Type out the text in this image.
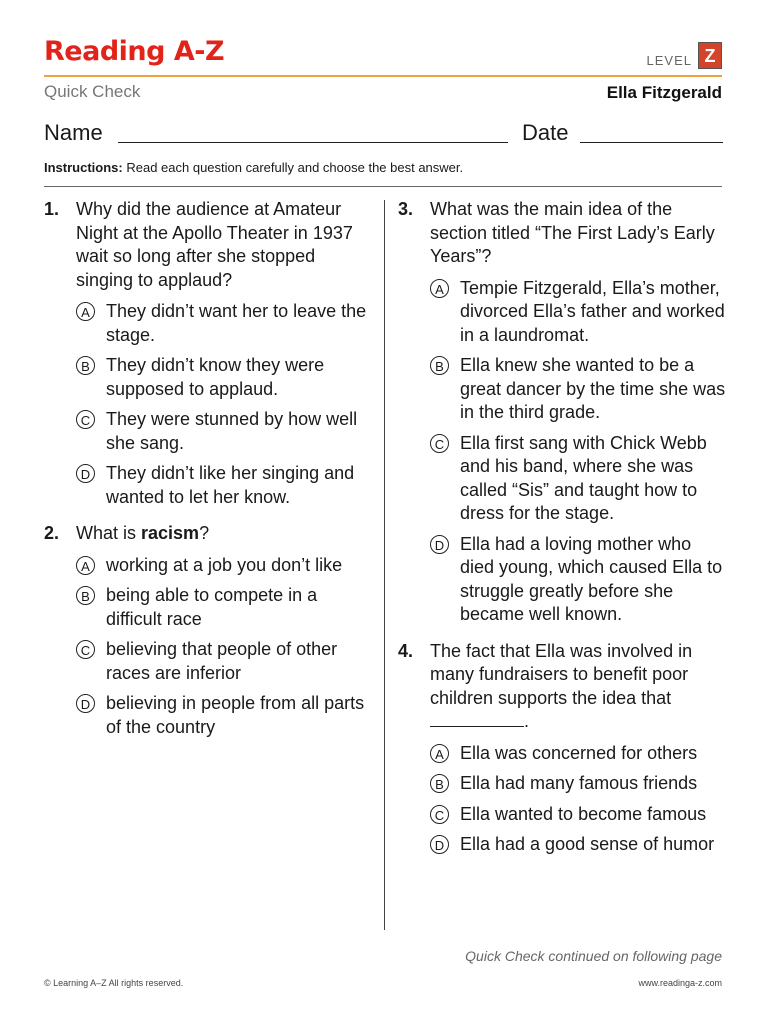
Reading A-Z	LEVEL Z
Quick Check	Ella Fitzgerald
Name	Date
Instructions: Read each question carefully and choose the best answer.
1. Why did the audience at Amateur Night at the Apollo Theater in 1937 wait so long after she stopped singing to applaud?
A They didn’t want her to leave the stage.
B They didn’t know they were supposed to applaud.
C They were stunned by how well she sang.
D They didn’t like her singing and wanted to let her know.
2. What is racism?
A working at a job you don’t like
B being able to compete in a difficult race
C believing that people of other races are inferior
D believing in people from all parts of the country
3. What was the main idea of the section titled “The First Lady’s Early Years”?
A Tempie Fitzgerald, Ella’s mother, divorced Ella’s father and worked in a laundromat.
B Ella knew she wanted to be a great dancer by the time she was in the third grade.
C Ella first sang with Chick Webb and his band, where she was called “Sis” and taught how to dress for the stage.
D Ella had a loving mother who died young, which caused Ella to struggle greatly before she became well known.
4. The fact that Ella was involved in many fundraisers to benefit poor children supports the idea that .
A Ella was concerned for others
B Ella had many famous friends
C Ella wanted to become famous
D Ella had a good sense of humor
Quick Check continued on following page
© Learning A–Z All rights reserved.	www.readinga-z.com
